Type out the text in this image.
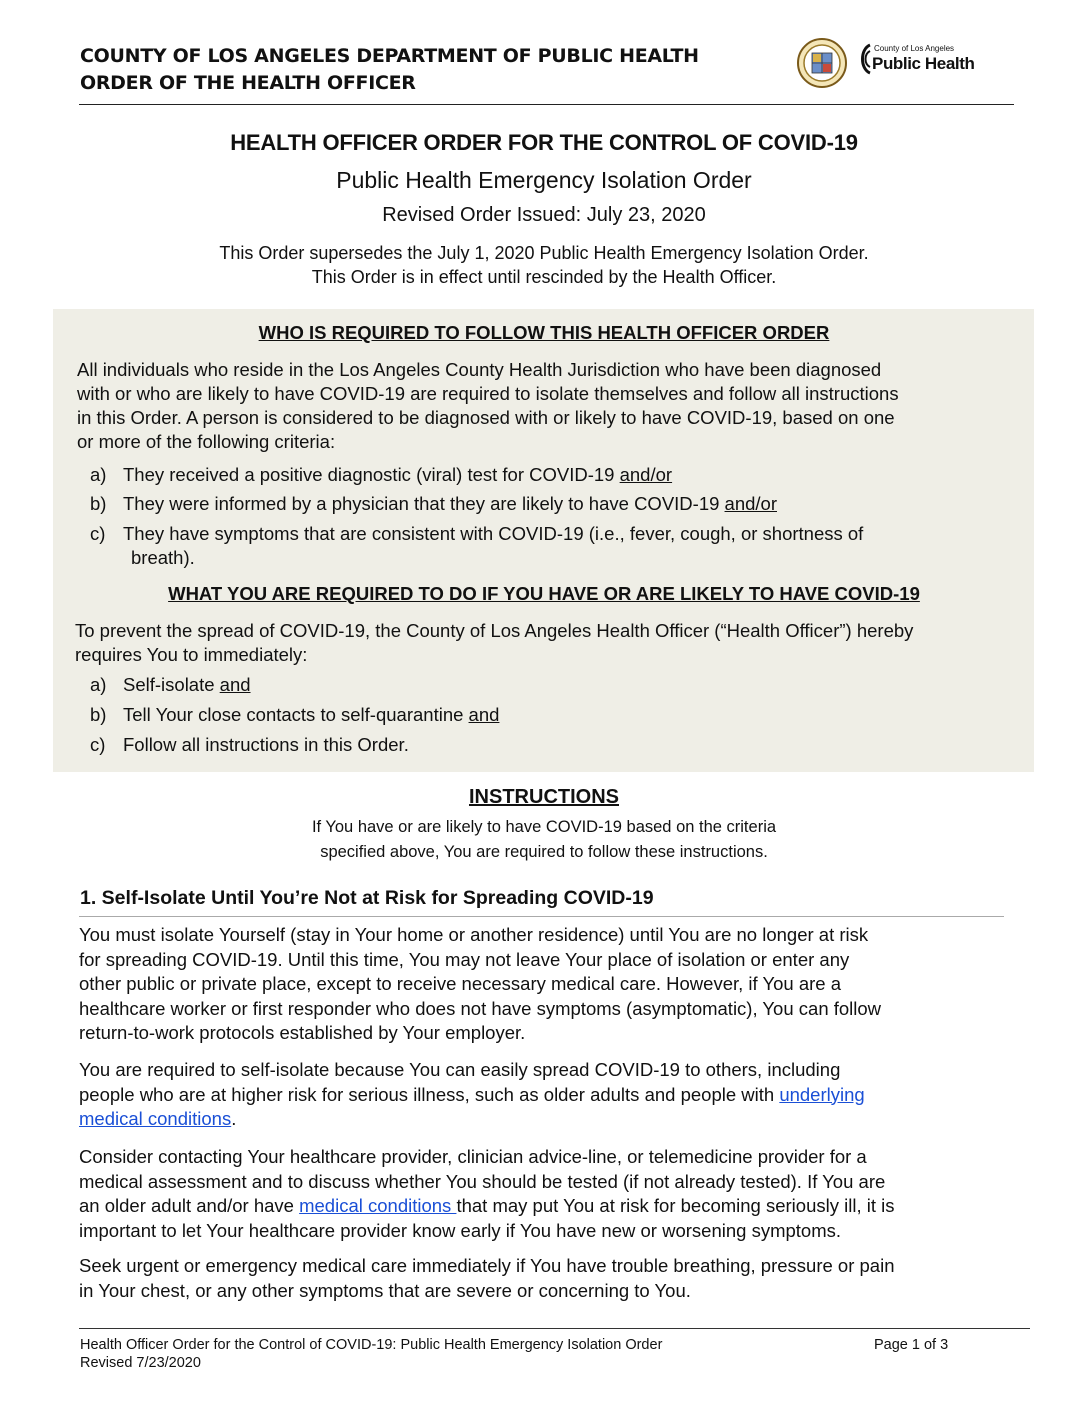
COUNTY OF LOS ANGELES DEPARTMENT OF PUBLIC HEALTH
ORDER OF THE HEALTH OFFICER
County of Los Angeles
Public Health
HEALTH OFFICER ORDER FOR THE CONTROL OF COVID-19
Public Health Emergency Isolation Order
Revised Order Issued: July 23, 2020
This Order supersedes the July 1, 2020 Public Health Emergency Isolation Order.
This Order is in effect until rescinded by the Health Officer.
WHO IS REQUIRED TO FOLLOW THIS HEALTH OFFICER ORDER
All individuals who reside in the Los Angeles County Health Jurisdiction who have been diagnosed
with or who are likely to have COVID-19 are required to isolate themselves and follow all instructions
in this Order. A person is considered to be diagnosed with or likely to have COVID-19, based on one
or more of the following criteria:
a) They received a positive diagnostic (viral) test for COVID-19 and/or
b) They were informed by a physician that they are likely to have COVID-19 and/or
c) They have symptoms that are consistent with COVID-19 (i.e., fever, cough, or shortness of
breath).
WHAT YOU ARE REQUIRED TO DO IF YOU HAVE OR ARE LIKELY TO HAVE COVID-19
To prevent the spread of COVID-19, the County of Los Angeles Health Officer (“Health Officer”) hereby
requires You to immediately:
a) Self-isolate and
b) Tell Your close contacts to self-quarantine and
c) Follow all instructions in this Order.
INSTRUCTIONS
If You have or are likely to have COVID-19 based on the criteria
specified above, You are required to follow these instructions.
1. Self-Isolate Until You’re Not at Risk for Spreading COVID-19
You must isolate Yourself (stay in Your home or another residence) until You are no longer at risk
for spreading COVID-19. Until this time, You may not leave Your place of isolation or enter any
other public or private place, except to receive necessary medical care. However, if You are a
healthcare worker or first responder who does not have symptoms (asymptomatic), You can follow
return-to-work protocols established by Your employer.
You are required to self-isolate because You can easily spread COVID-19 to others, including
people who are at higher risk for serious illness, such as older adults and people with underlying
medical conditions.
Consider contacting Your healthcare provider, clinician advice-line, or telemedicine provider for a
medical assessment and to discuss whether You should be tested (if not already tested). If You are
an older adult and/or have medical conditions that may put You at risk for becoming seriously ill, it is
important to let Your healthcare provider know early if You have new or worsening symptoms.
Seek urgent or emergency medical care immediately if You have trouble breathing, pressure or pain
in Your chest, or any other symptoms that are severe or concerning to You.
Health Officer Order for the Control of COVID-19: Public Health Emergency Isolation Order
Revised 7/23/2020
Page 1 of 3
